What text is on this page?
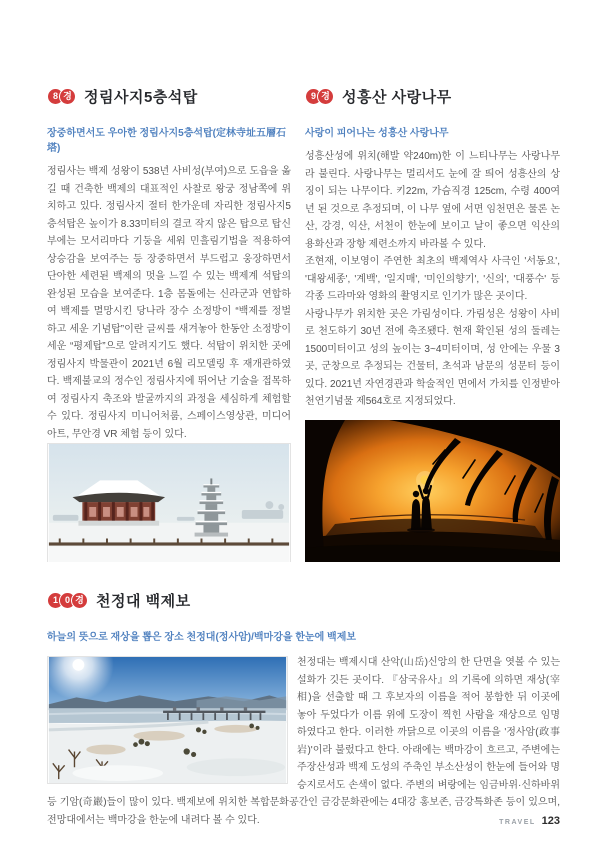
8 경 정림사지5층석탑
장중하면서도 우아한 정림사지5층석탑(定林寺址五層石塔)

정림사는 백제 성왕이 538년 사비성(부여)으로 도읍을 옮길 때 건축한 백제의 대표적인 사찰로 왕궁 정남쪽에 위치하고 있다. 정림사지 절터 한가운데 자리한 정림사지5층석탑은 높이가 8.33미터의 결코 작지 않은 탑으로 탑신부에는 모서리마다 기둥을 세워 민흘림기법을 적용하여 상승감을 보여주는 등 장중하면서 부드럽고 웅장하면서 단아한 세련된 백제의 멋을 느낄 수 있는 백제계 석탑의 완성된 모습을 보여준다. 1층 몸돌에는 신라군과 연합하여 백제를 멸망시킨 당나라 장수 소정방이 “백제를 정벌하고 세운 기념탑”이란 글씨를 새겨놓아 한동안 소정방이 세운 “평제탑”으로 알려지기도 했다. 석탑이 위치한 곳에 정림사지 박물관이 2021년 6월 리모델링 후 재개관하였다. 백제불교의 정수인 정림사지에 뛰어난 기술을 접목하여 정림사지 축조와 발굴까지의 과정을 세심하게 체험할 수 있다. 정림사지 미니어처룸, 스페이스영상관, 미디어아트, 무안경 VR 체험 등이 있다.

9 경 성흥산 사랑나무
사랑이 피어나는 성흥산 사랑나무

성흥산성에 위치(해발 약240m)한 이 느티나무는 사랑나무라 불린다. 사랑나무는 멀리서도 눈에 잘 띄어 성흥산의 상징이 되는 나무이다. 키22m, 가슴직경 125cm, 수령 400여년 된 것으로 추정되며, 이 나무 옆에 서면 임천면은 물론 논산, 강경, 익산, 서천이 한눈에 보이고 날이 좋으면 익산의 용화산과 장항 제련소까지 바라볼 수 있다.

조현재, 이보영이 주연한 최초의 백제역사 사극인 '서동요', '대왕세종', '계백', '일지매', '미인의향기', '신의', '대풍수' 등 각종 드라마와 영화의 촬영지로 인기가 많은 곳이다.

사랑나무가 위치한 곳은 가림성이다. 가림성은 성왕이 사비로 천도하기 30년 전에 축조됐다. 현재 확인된 성의 둘레는 1500미터이고 성의 높이는 3~4미터이며, 성 안에는 우물 3곳, 군창으로 추정되는 건물터, 초석과 남문의 성문터 등이 있다. 2021년 자연경관과 학술적인 면에서 가치를 인정받아 천연기념물 제564호로 지정되었다.

1 0 경 천정대 백제보
하늘의 뜻으로 재상을 뽑은 장소 천정대(정사암)/백마강을 한눈에 백제보

천정대는 백제시대 산악(山岳)신앙의 한 단면을 엿볼 수 있는 설화가 깃든 곳이다. 『삼국유사』의 기록에 의하면 재상(宰相)을 선출할 때 그 후보자의 이름을 적어 봉함한 뒤 이곳에 놓아 두었다가 이름 위에 도장이 찍힌 사람을 재상으로 임명하였다고 한다. 이러한 까닭으로 이곳의 이름을 '정사암(政事岩)'이라 불렀다고 한다. 아래에는 백마강이 흐르고, 주변에는 주장산성과 백제 도성의 주축인 부소산성이 한눈에 들어와 명승지로서도 손색이 없다. 주변의 벼랑에는 임금바위·신하바위 등 기암(奇巖)들이 많이 있다. 백제보에 위치한 복합문화공간인 금강문화관에는 4대강 홍보존, 금강특화존 등이 있으며, 전망대에서는 백마강을 한눈에 내려다 볼 수 있다.	TRAVEL 123
